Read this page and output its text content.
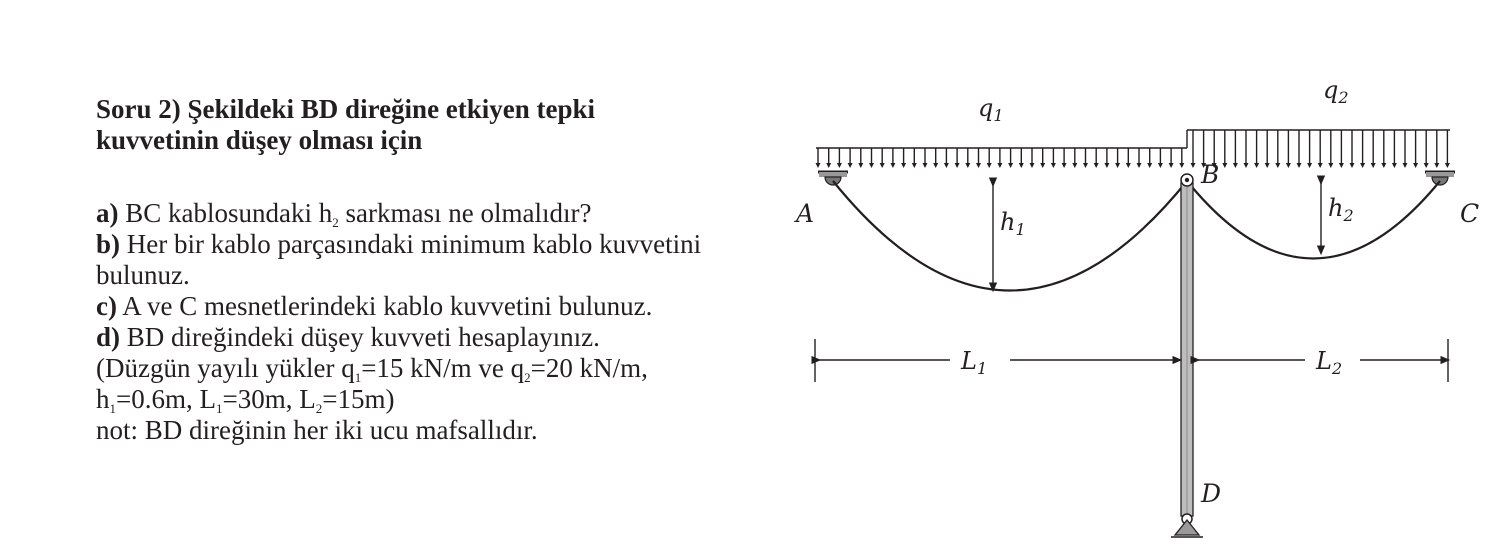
Soru 2) Şekildeki BD direğine etkiyen tepki
kuvvetinin düşey olması için
a) BC kablosundaki $h_2$ sarkması ne olmalıdır?
b) Her bir kablo parçasındaki minimum kablo kuvvetini
bulunuz.
c) A ve C mesnetlerindeki kablo kuvvetini bulunuz.
d) BD direğindeki düşey kuvveti hesaplayınız.
(Düzgün yayılı yükler $q_1=15$ kN/m ve $q_2=20$ kN/m,
$h_1=0.6m$, $L_1=30m$, $L_2=15m$)
not: BD direğinin her iki ucu mafsallıdır.
$q_1$
$q_2$
$h_1$
$h_2$
$L_1$	$L_2$
A
B
C
D
